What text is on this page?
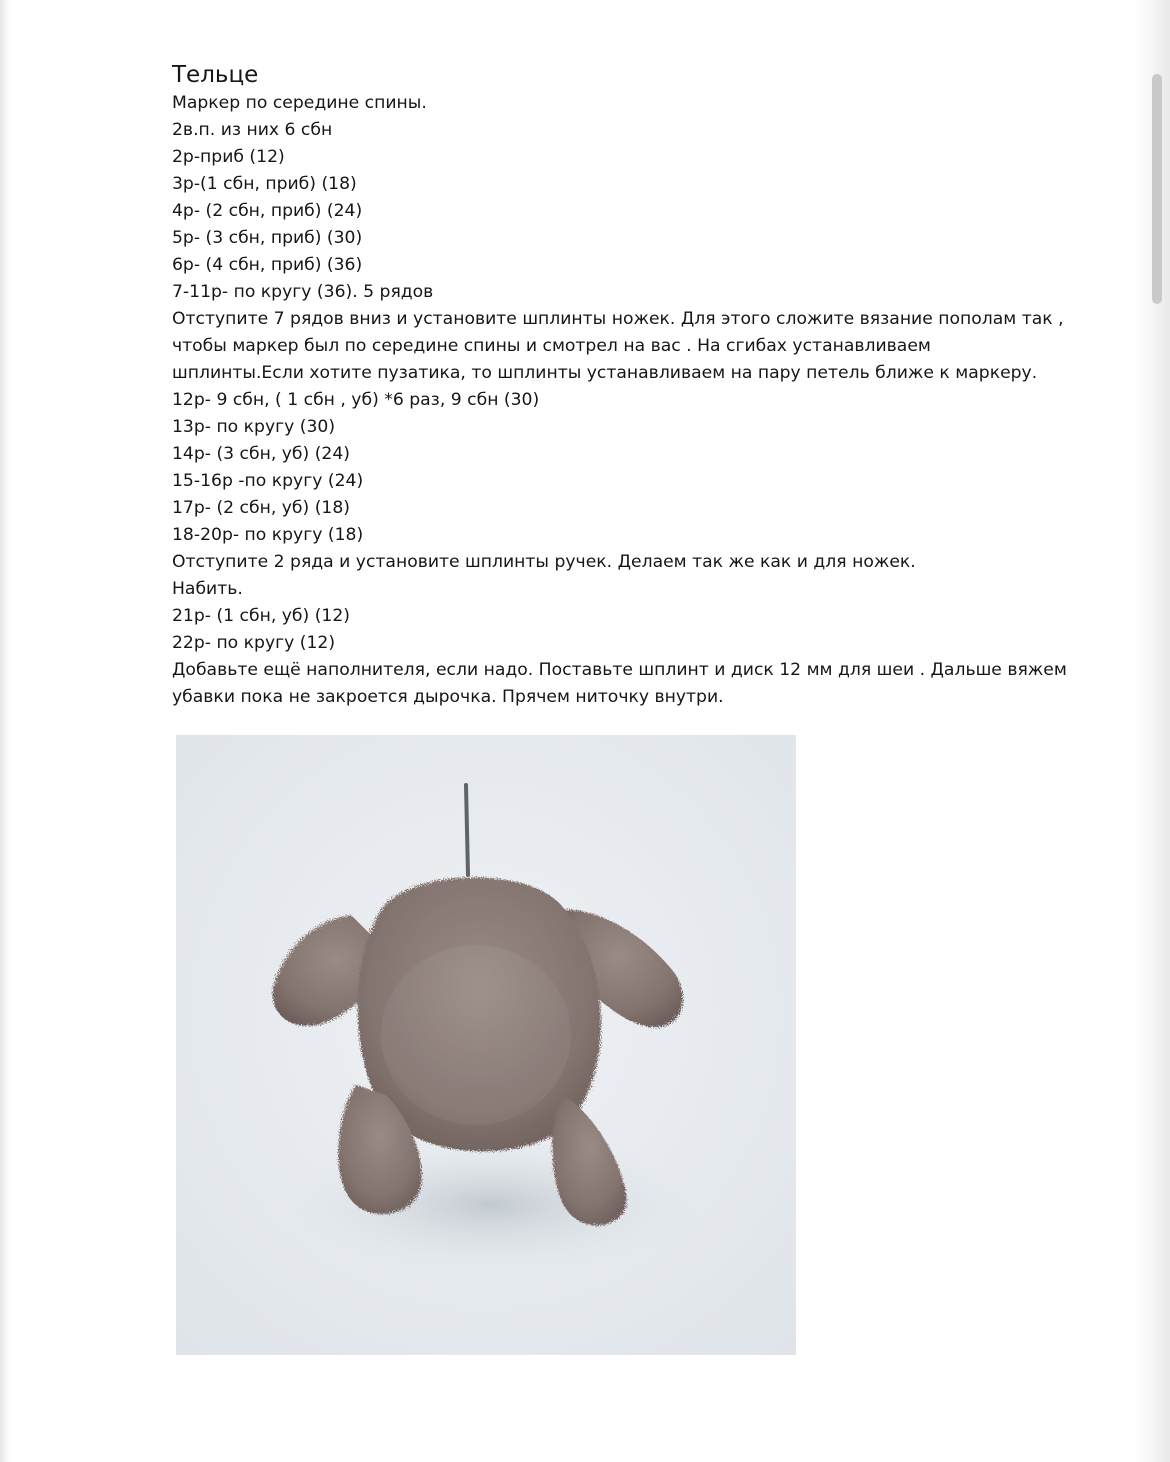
Тельце
Маркер по середине спины.
2в.п. из них 6 сбн
2р-приб (12)
3р-(1 сбн, приб) (18)
4р- (2 сбн, приб) (24)
5р- (3 сбн, приб) (30)
6р- (4 сбн, приб) (36)
7-11р- по кругу (36). 5 рядов
Отступите 7 рядов вниз и установите шплинты ножек. Для этого сложите вязание пополам так ,
чтобы маркер был по середине спины и смотрел на вас . На сгибах устанавливаем
шплинты.Если хотите пузатика, то шплинты устанавливаем на пару петель ближе к маркеру.
12р- 9 сбн, ( 1 сбн , уб) *6 раз, 9 сбн (30)
13р- по кругу (30)
14р- (3 сбн, уб) (24)
15-16р -по кругу (24)
17р- (2 сбн, уб) (18)
18-20р- по кругу (18)
Отступите 2 ряда и установите шплинты ручек. Делаем так же как и для ножек.
Набить.
21р- (1 сбн, уб) (12)
22р- по кругу (12)
Добавьте ещё наполнителя, если надо. Поставьте шплинт и диск 12 мм для шеи . Дальше вяжем
убавки пока не закроется дырочка. Прячем ниточку внутри.
